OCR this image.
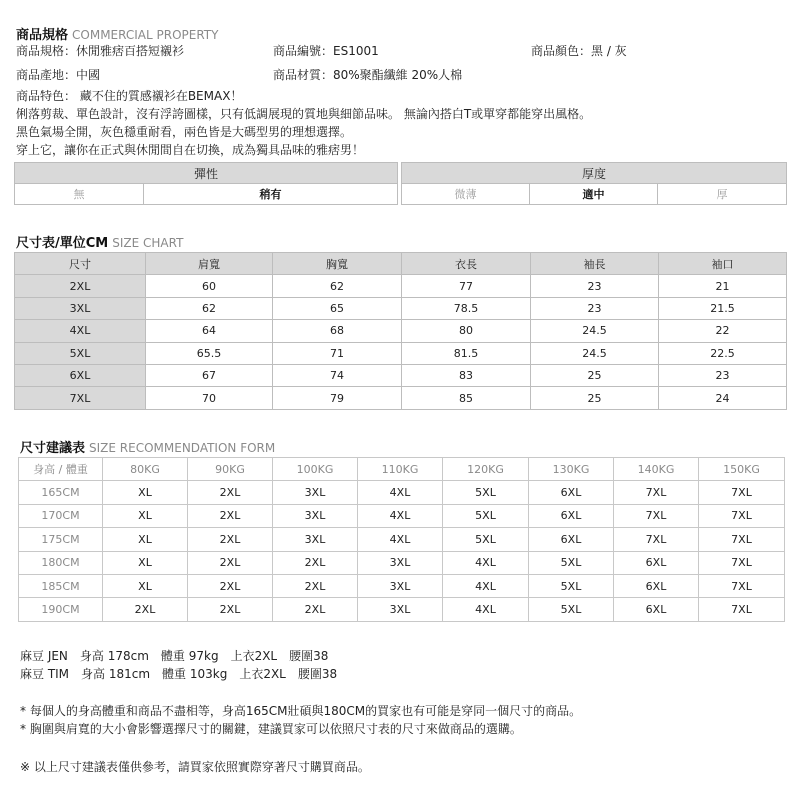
商品規格 COMMERCIAL PROPERTY
商品規格：休閒雅痞百搭短襯衫	商品編號：ES1001	商品顏色：黑 / 灰
商品產地：中國	商品材質：80%聚酯纖維 20%人棉
商品特色： 藏不住的質感襯衫在BEMAX！
俐落剪裁、單色設計，沒有浮誇圖樣，只有低調展現的質地與細節品味。 無論內搭白T或單穿都能穿出風格。
黑色氣場全開，灰色穩重耐看，兩色皆是大碼型男的理想選擇。
穿上它，讓你在正式與休閒間自在切換，成為獨具品味的雅痞男！
彈性			厚度		
無	稍有		微薄	適中	厚
尺寸表/單位CM SIZE CHART
尺寸	肩寬	胸寬	衣長	袖長	袖口
2XL	60	62	77	23	21
3XL	62	65	78.5	23	21.5
4XL	64	68	80	24.5	22
5XL	65.5	71	81.5	24.5	22.5
6XL	67	74	83	25	23
7XL	70	79	85	25	24
尺寸建議表 SIZE RECOMMENDATION FORM
身高 / 體重	80KG	90KG	100KG	110KG	120KG	130KG	140KG	150KG
165CM	XL	2XL	3XL	4XL	5XL	6XL	7XL	7XL
170CM	XL	2XL	3XL	4XL	5XL	6XL	7XL	7XL
175CM	XL	2XL	3XL	4XL	5XL	6XL	7XL	7XL
180CM	XL	2XL	2XL	3XL	4XL	5XL	6XL	7XL
185CM	XL	2XL	2XL	3XL	4XL	5XL	6XL	7XL
190CM	2XL	2XL	2XL	3XL	4XL	5XL	6XL	7XL
麻豆 JEN　身高 178cm　體重 97kg　上衣2XL　腰圍38
麻豆 TIM　身高 181cm　體重 103kg　上衣2XL　腰圍38
* 每個人的身高體重和商品不盡相等，身高165CM壯碩與180CM的買家也有可能是穿同一個尺寸的商品。
* 胸圍與肩寬的大小會影響選擇尺寸的關鍵，建議買家可以依照尺寸表的尺寸來做商品的選購。
※ 以上尺寸建議表僅供參考，請買家依照實際穿著尺寸購買商品。
